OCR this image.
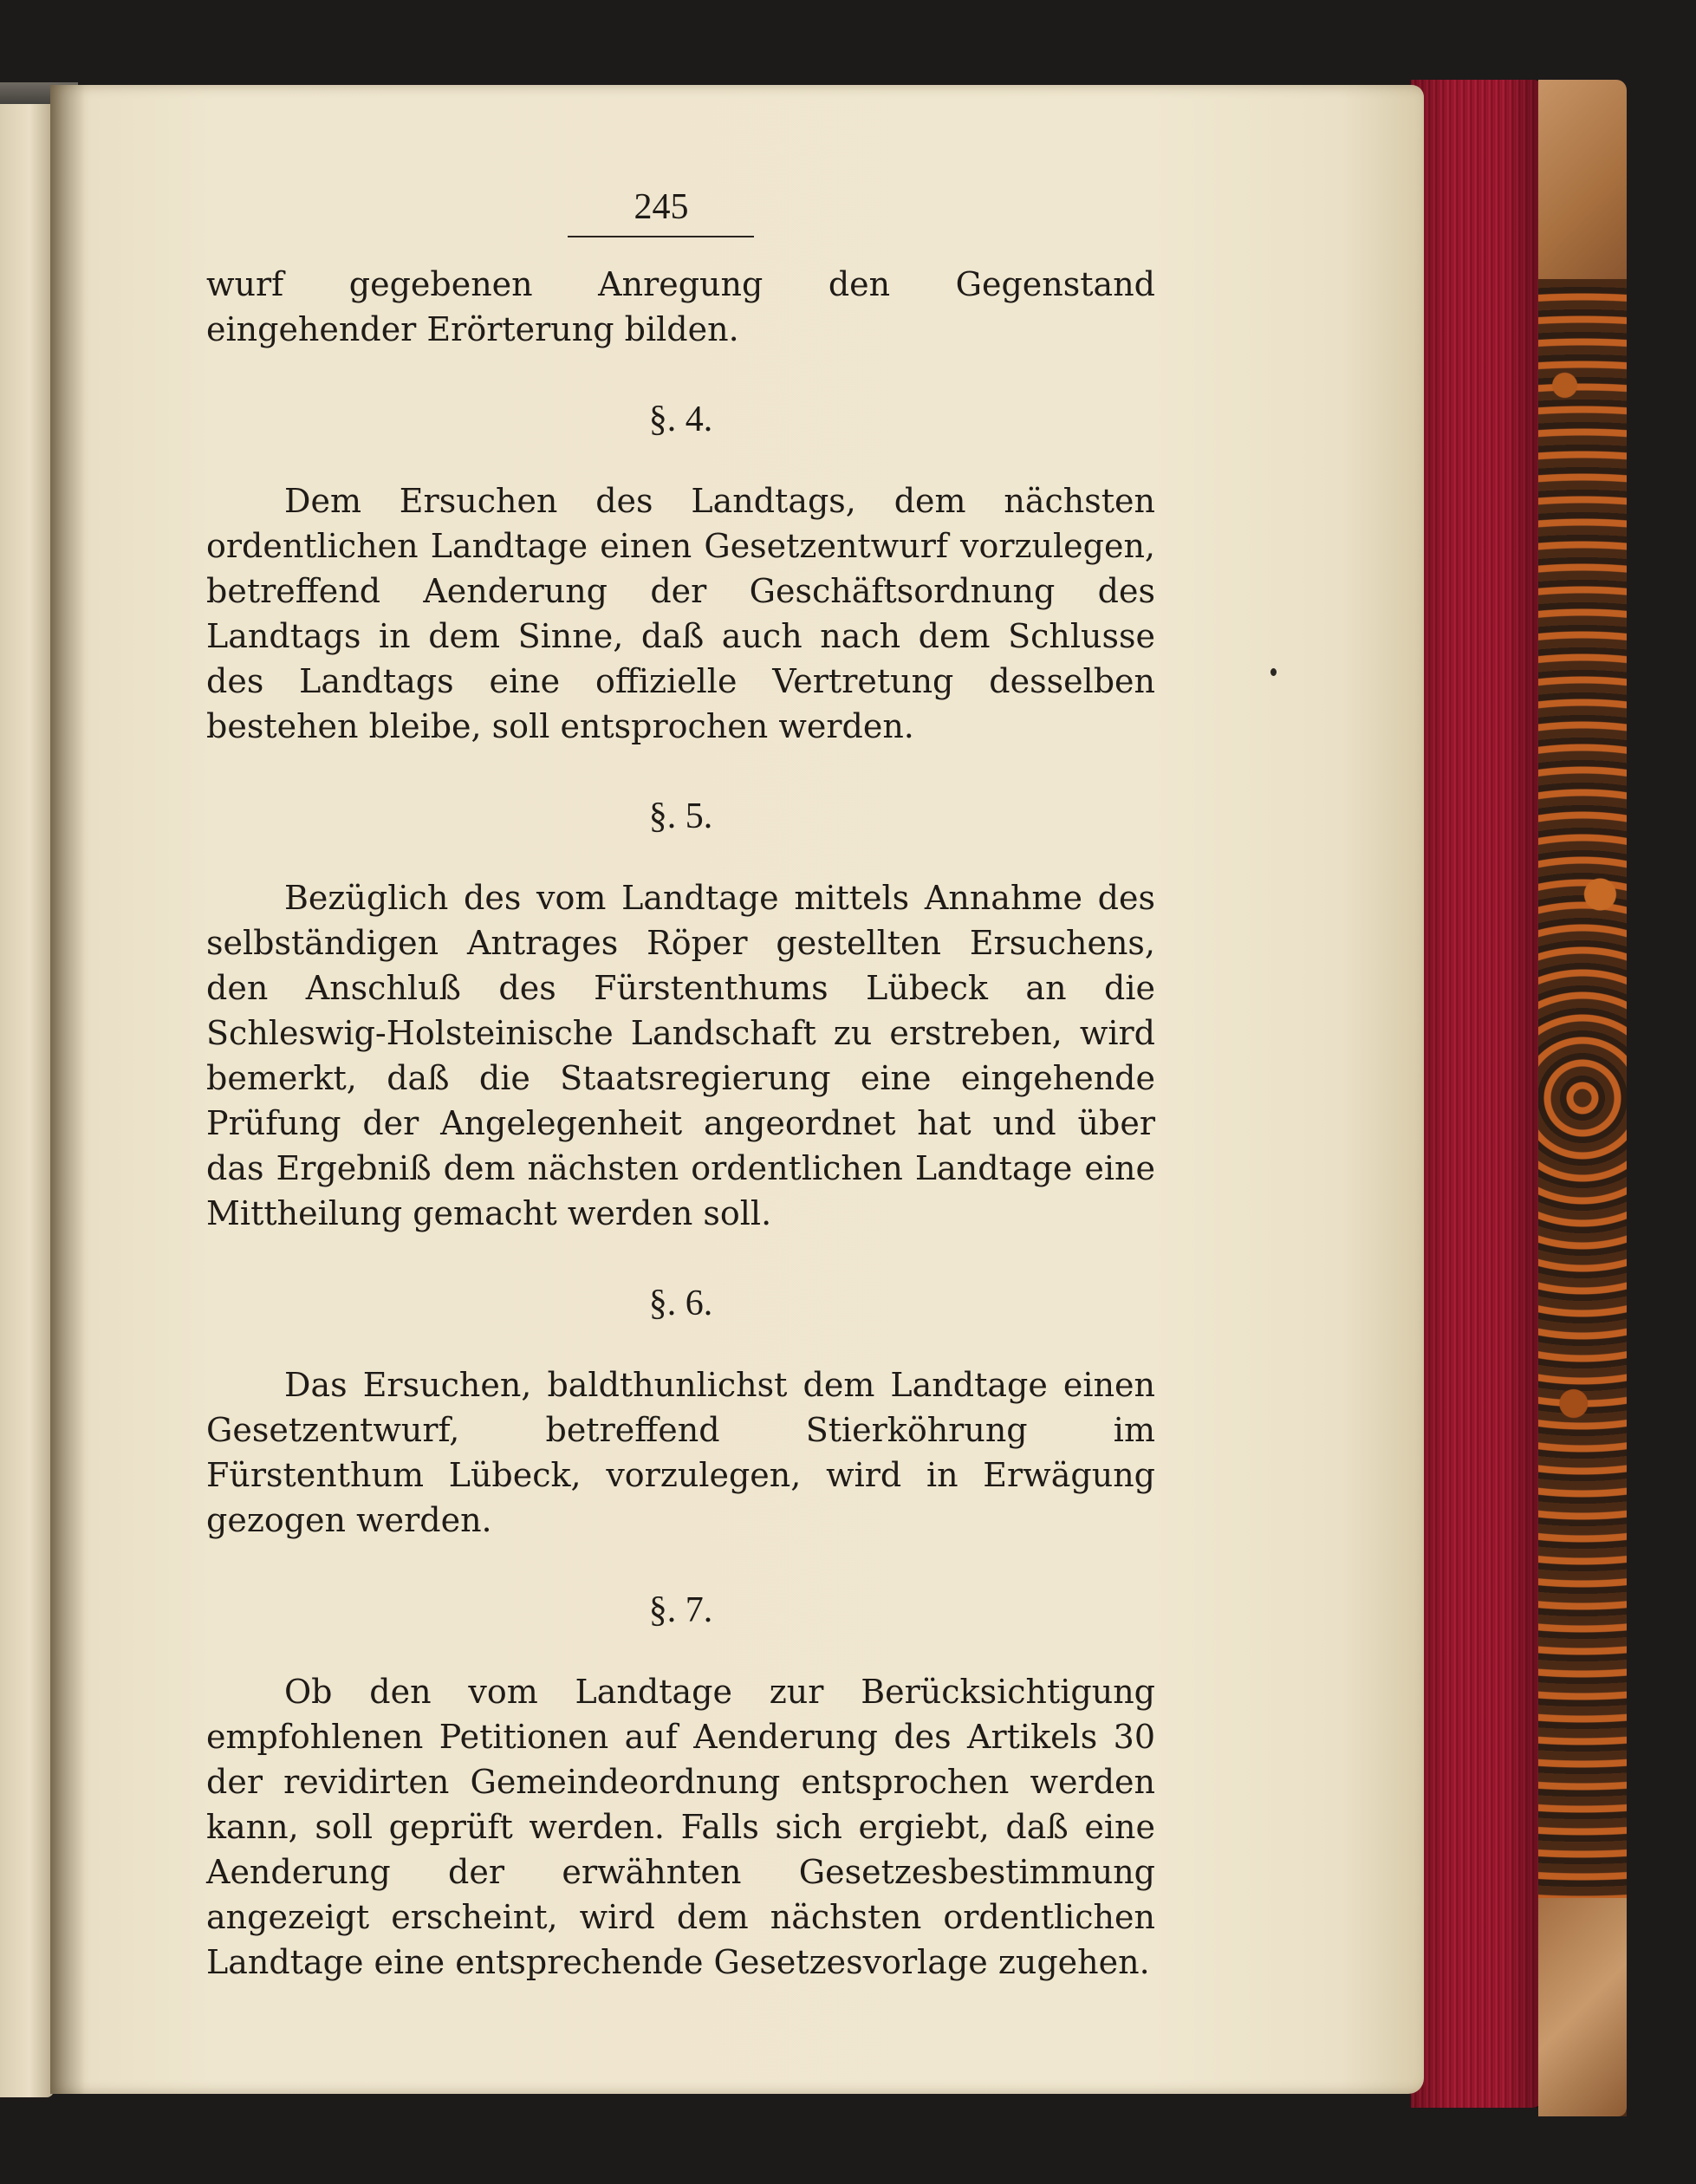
245

wurf gegebenen Anregung den Gegenstand eingehender Erörterung bilden.

§. 4.

Dem Ersuchen des Landtags, dem nächsten ordentlichen Landtage einen Gesetzentwurf vorzulegen, betreffend Aenderung der Geschäftsordnung des Landtags in dem Sinne, daß auch nach dem Schlusse des Landtags eine offizielle Vertretung desselben bestehen bleibe, soll entsprochen werden.

§. 5.

Bezüglich des vom Landtage mittels Annahme des selbständigen Antrages Röper gestellten Ersuchens, den Anschluß des Fürstenthums Lübeck an die Schleswig-Holsteinische Landschaft zu erstreben, wird bemerkt, daß die Staatsregierung eine eingehende Prüfung der Angelegenheit angeordnet hat und über das Ergebniß dem nächsten ordentlichen Landtage eine Mittheilung gemacht werden soll.

§. 6.

Das Ersuchen, baldthunlichst dem Landtage einen Gesetzentwurf, betreffend Stierköhrung im Fürstenthum Lübeck, vorzulegen, wird in Erwägung gezogen werden.

§. 7.

Ob den vom Landtage zur Berücksichtigung empfohlenen Petitionen auf Aenderung des Artikels 30 der revidirten Gemeindeordnung entsprochen werden kann, soll geprüft werden. Falls sich ergiebt, daß eine Aenderung der erwähnten Gesetzesbestimmung angezeigt erscheint, wird dem nächsten ordentlichen Landtage eine entsprechende Gesetzesvorlage zugehen.
